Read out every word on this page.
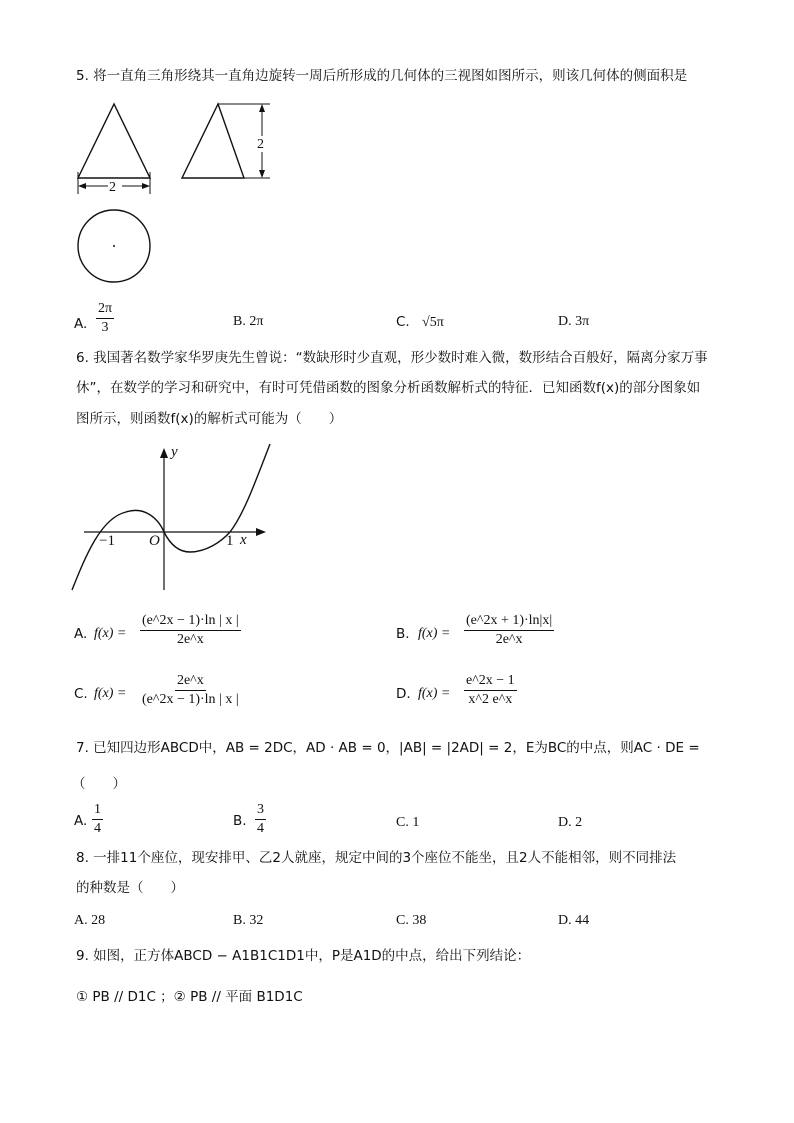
5. 将一直角三角形绕其一直角边旋转一周后所形成的几何体的三视图如图所示，则该几何体的侧面积是
2
2
A. $\frac{2\pi}{3}$	B. 2π	C. √5π	D. 3π
6. 我国著名数学家华罗庚先生曾说：“数缺形时少直观，形少数时难入微，数形结合百般好，隔离分家万事
休”，在数学的学习和研究中，有时可凭借函数的图象分析函数解析式的特征．已知函数f(x)的部分图象如
图所示，则函数f(x)的解析式可能为（　　）
y
x
O
−1	1
A. $f(x) = \frac{(e\^{}2x - 1)\cdot\ln | x |}{2e\^{}x}$	B. $f(x) = \frac{(e\^{}2x + 1)\cdot\ln|x|}{2e\^{}x}$
C. $f(x) = \frac{2e\^{}x}{(e\^{}2x - 1)\cdot\ln | x |}$	D. $f(x) = \frac{e\^{}2x - 1}{x\^{}2 e\^{}x}$
7. 已知四边形ABCD中，AB = 2DC，AD · AB = 0，|AB| = |2AD| = 2，E为BC的中点，则AC · DE =
（　　）
A. $\frac{1}{4}$	B. $\frac{3}{4}$	C. 1	D. 2
8. 一排11个座位，现安排甲、乙2人就座，规定中间的3个座位不能坐，且2人不能相邻，则不同排法
的种数是（　　）
A. 28	B. 32	C. 38	D. 44
9. 如图，正方体ABCD − A1B1C1D1中，P是A1D的中点，给出下列结论：
① PB // D1C ；② PB // 平面 B1D1C
